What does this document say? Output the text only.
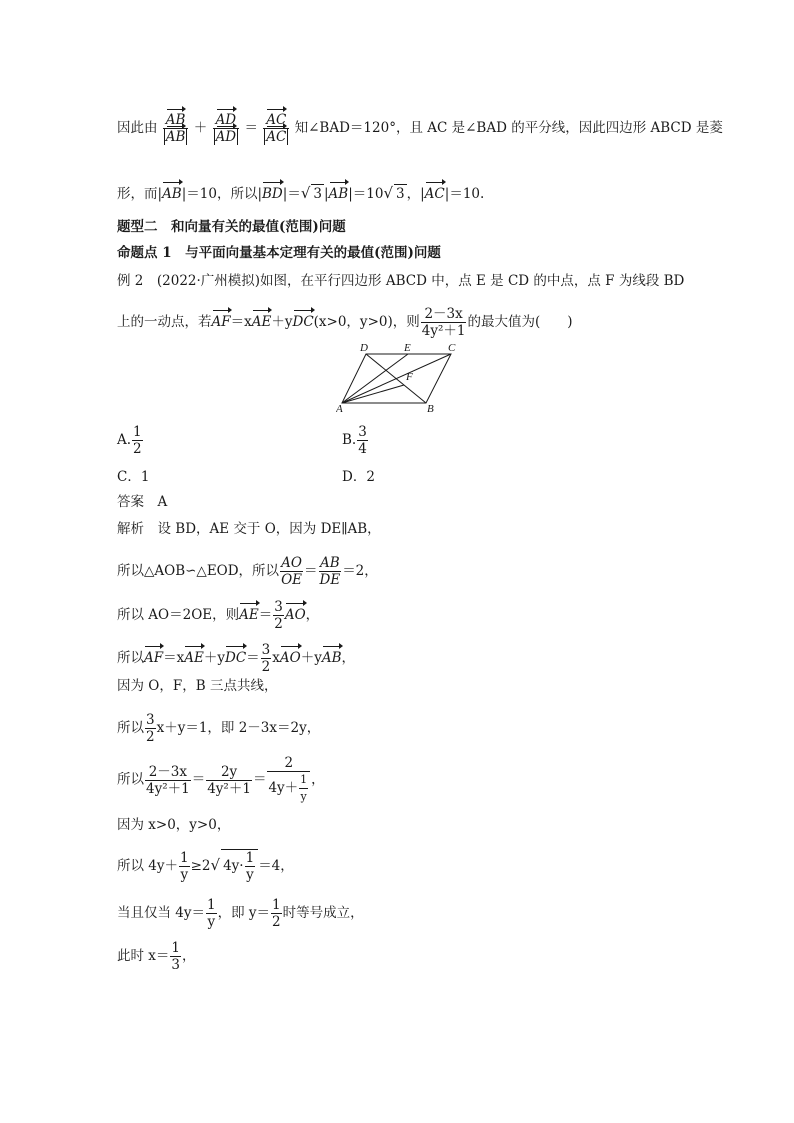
因此由 $\frac{AB}{AB} + \frac{AD}{AD} = \frac{AC}{AC}$ 知∠BAD＝120°，且 AC 是∠BAD 的平分线，因此四边形 ABCD 是菱
形，而|AB|＝10，所以|BD|＝√ 3 |AB|＝10√ 3 ，|AC|＝10.
题型二　和向量有关的最值(范围)问题
命题点 1　与平面向量基本定理有关的最值(范围)问题
例 2　(2022·广州模拟)如图，在平行四边形 ABCD 中，点 E 是 CD 的中点，点 F 为线段 BD
上的一动点，若AF＝xAE＋yDC(x>0，y>0)，则 $\frac{2-3x}{\text{4y²＋1}}$ 的最大值为(　　)
D	E	C
F
A	B
A. $\frac{1}{2}$	B. $\frac{3}{4}$
C．1	D．2
答案　A
解析　设 BD，AE 交于 O，因为 DE∥AB，
所以△AOB∽△EOD，所以 $\frac{AO}{OE} = \frac{AB}{DE} =2$，
所以 AO＝2OE，则$AE= \frac{3}{2}$ AO，
所以$AF=xAE+yDC= \frac{3}{2} xAO+yAB$，
因为 O，F，B 三点共线，
所以 $\frac{3}{2} x+y=1$，即 2－3x＝2y，
所以 $\frac{2-3x}{\text{4y²＋1}} = \frac{2y}{\text{4y²＋1}} = \frac{2}{4y+ \frac{1}{y}}$ ，
因为 x>0，y>0，
所以 $4y+ \frac{1}{y} \ge 2√$ $4y\cdot \frac{1}{y} =4$，
当且仅当 $4y= \frac{1}{y}$ ，即 $y= \frac{1}{2}$ 时等号成立，
此时 $x= \frac{1}{3}$ ，
